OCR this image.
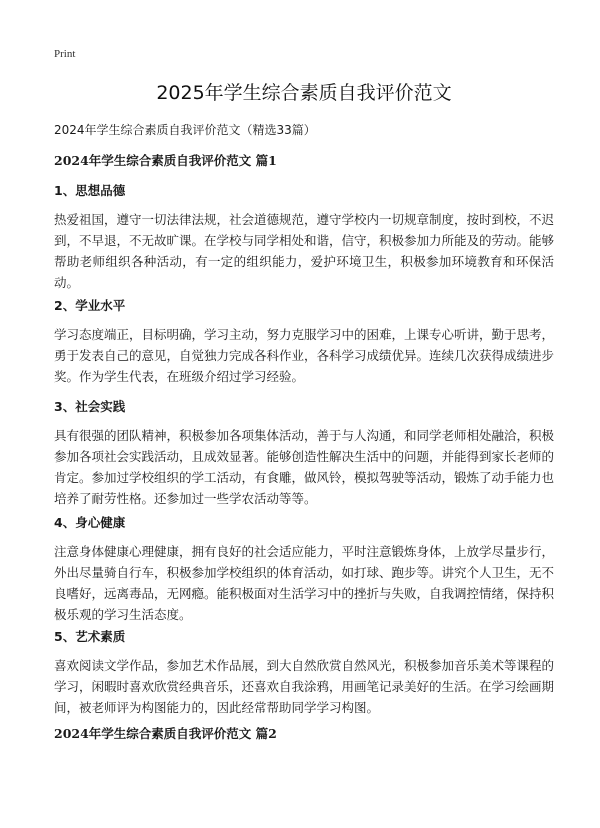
Print
2025年学生综合素质自我评价范文

2024年学生综合素质自我评价范文（精选33篇）

2024年学生综合素质自我评价范文 篇1
1、思想品德

热爱祖国，遵守一切法律法规，社会道德规范，遵守学校内一切规章制度，按时到校，不迟到，不早退，不无故旷课。在学校与同学相处和谐，信守，积极参加力所能及的劳动。能够帮助老师组织各种活动，有一定的组织能力，爱护环境卫生，积极参加环境教育和环保活动。

2、学业水平

学习态度端正，目标明确，学习主动，努力克服学习中的困难，上课专心听讲，勤于思考，勇于发表自己的意见，自觉独力完成各科作业，各科学习成绩优异。连续几次获得成绩进步奖。作为学生代表，在班级介绍过学习经验。

3、社会实践

具有很强的团队精神，积极参加各项集体活动，善于与人沟通，和同学老师相处融洽，积极参加各项社会实践活动，且成效显著。能够创造性解决生活中的问题，并能得到家长老师的肯定。参加过学校组织的学工活动，有食雕，做风铃，模拟驾驶等活动，锻炼了动手能力也培养了耐劳性格。还参加过一些学农活动等等。

4、身心健康

注意身体健康心理健康，拥有良好的社会适应能力，平时注意锻炼身体，上放学尽量步行，外出尽量骑自行车，积极参加学校组织的体育活动，如打球、跑步等。讲究个人卫生，无不良嗜好，远离毒品，无网瘾。能积极面对生活学习中的挫折与失败，自我调控情绪，保持积极乐观的学习生活态度。

5、艺术素质

喜欢阅读文学作品，参加艺术作品展，到大自然欣赏自然风光，积极参加音乐美术等课程的学习，闲暇时喜欢欣赏经典音乐，还喜欢自我涂鸦，用画笔记录美好的生活。在学习绘画期间，被老师评为构图能力的，因此经常帮助同学学习构图。

2024年学生综合素质自我评价范文 篇2
